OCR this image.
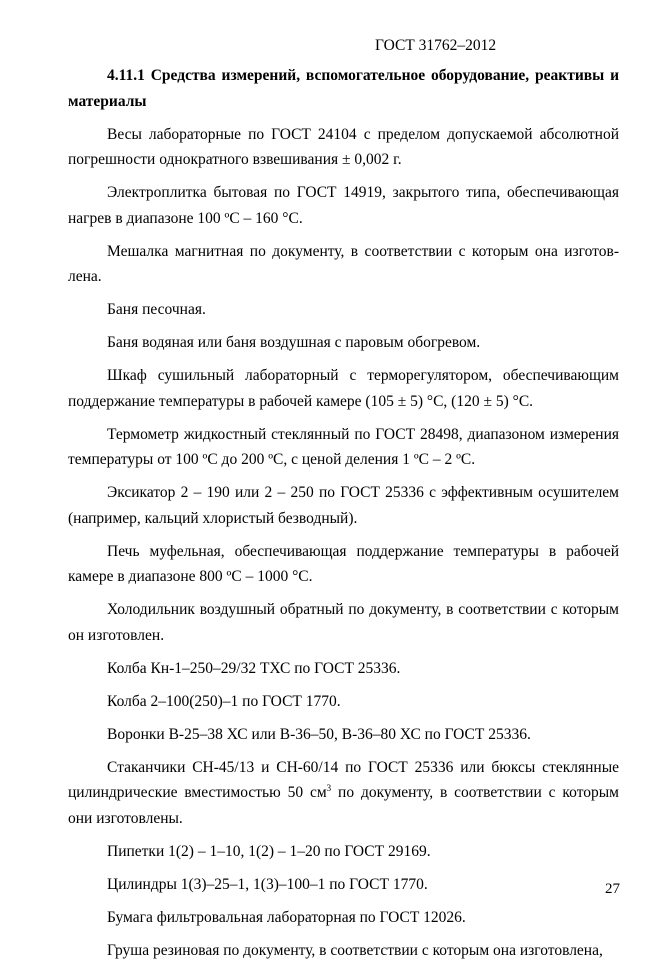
ГОСТ 31762–2012

4.11.1 Средства измерений, вспомогательное оборудование, реактивы и материалы

Весы лабораторные по ГОСТ 24104 с пределом допускаемой абсолютной погрешности однократного взвешивания ± 0,002 г.

Электроплитка бытовая по ГОСТ 14919, закрытого типа, обеспечивающая нагрев в диапазоне 100 ºС – 160 °С.

Мешалка магнитная по документу, в соответствии с которым она изготовлена.

Баня песочная.

Баня водяная или баня воздушная с паровым обогревом.

Шкаф сушильный лабораторный с терморегулятором, обеспечивающим поддержание температуры в рабочей камере (105 ± 5) °С, (120 ± 5) °С.

Термометр жидкостный стеклянный по ГОСТ 28498, диапазоном измерения температуры от 100 ºС до 200 ºС, с ценой деления 1 ºС – 2 ºС.

Эксикатор 2 – 190 или 2 – 250 по ГОСТ 25336 с эффективным осушителем (например, кальций хлористый безводный).

Печь муфельная, обеспечивающая поддержание температуры в рабочей камере в диапазоне 800 ºС – 1000 °С.

Холодильник воздушный обратный по документу, в соответствии с которым он изготовлен.

Колба Кн-1–250–29/32 ТХС по ГОСТ 25336.

Колба 2–100(250)–1 по ГОСТ 1770.

Воронки В-25–38 ХС или В-36–50, В-36–80 ХС по ГОСТ 25336.

Стаканчики СН-45/13 и СН-60/14 по ГОСТ 25336 или бюксы стеклянные цилиндрические вместимостью 50 $см^3$ по документу, в соответствии с которым они изготовлены.

Пипетки 1(2) – 1–10, 1(2) – 1–20 по ГОСТ 29169.

Цилиндры 1(3)–25–1, 1(3)–100–1 по ГОСТ 1770.

Бумага фильтровальная лабораторная по ГОСТ 12026.

Груша резиновая по документу, в соответствии с которым она изготовлена,

27
